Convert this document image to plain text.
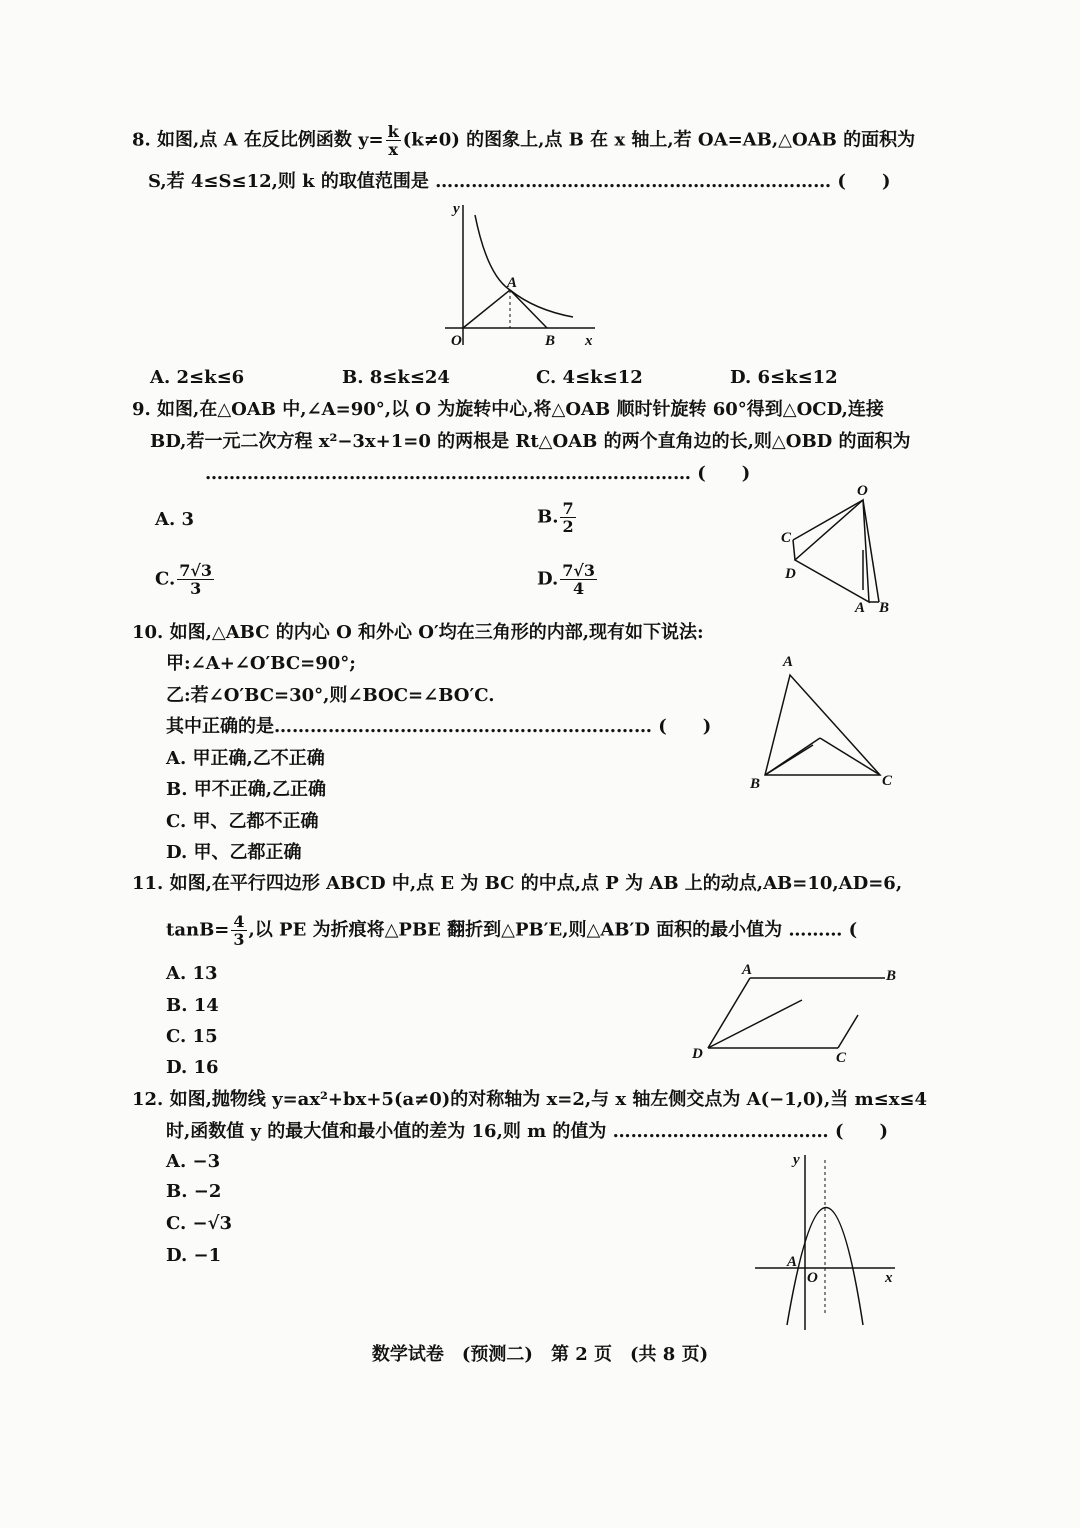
8. 如图,点 A 在反比例函数 $y= \frac{k}{x} (k\ne 0)$ 的图象上,点 B 在 x 轴上,若 OA=AB,△OAB 的面积为
S,若 4≤S≤12,则 k 的取值范围是 ………………………………………………………… (　　)
y
O
A
B x
A. 2≤k≤6	B. 8≤k≤24	C. 4≤k≤12	D. 6≤k≤12
9. 如图,在△OAB 中,∠A=90°,以 O 为旋转中心,将△OAB 顺时针旋转 60°得到△OCD,连接
BD,若一元二次方程 x²−3x+1=0 的两根是 Rt△OAB 的两个直角边的长,则△OBD 的面积为
……………………………………………………………………… (　　)
A. 3	B. $\frac{7}{2}$
C. $\frac{7√3}{3}$	D. $\frac{7√3}{4}$
O
C
D
A B
10. 如图,△ABC 的内心 O 和外心 O′均在三角形的内部,现有如下说法:
甲:∠A+∠O′BC=90°;
乙:若∠O′BC=30°,则∠BOC=∠BO′C.
其中正确的是……………………………………………………… (　　)
A. 甲正确,乙不正确
B. 甲不正确,乙正确
C. 甲、乙都不正确
D. 甲、乙都正确
A
B	C
11. 如图,在平行四边形 ABCD 中,点 E 为 BC 的中点,点 P 为 AB 上的动点,AB=10,AD=6,
$\tan B= \frac{4}{3}$ ,以 PE 为折痕将△PBE 翻折到△PB′E,则△AB′D 面积的最小值为 ……… (
A. 13
B. 14
C. 15
D. 16
A	B
C
D
12. 如图,抛物线 y=ax²+bx+5(a≠0)的对称轴为 x=2,与 x 轴左侧交点为 A(−1,0),当 m≤x≤4
时,函数值 y 的最大值和最小值的差为 16,则 m 的值为 ……………………………… (　　)
A. −3
B. −2
C. −√3
D. −1
y
A
O	x
数学试卷　(预测二)　第 2 页　(共 8 页)
